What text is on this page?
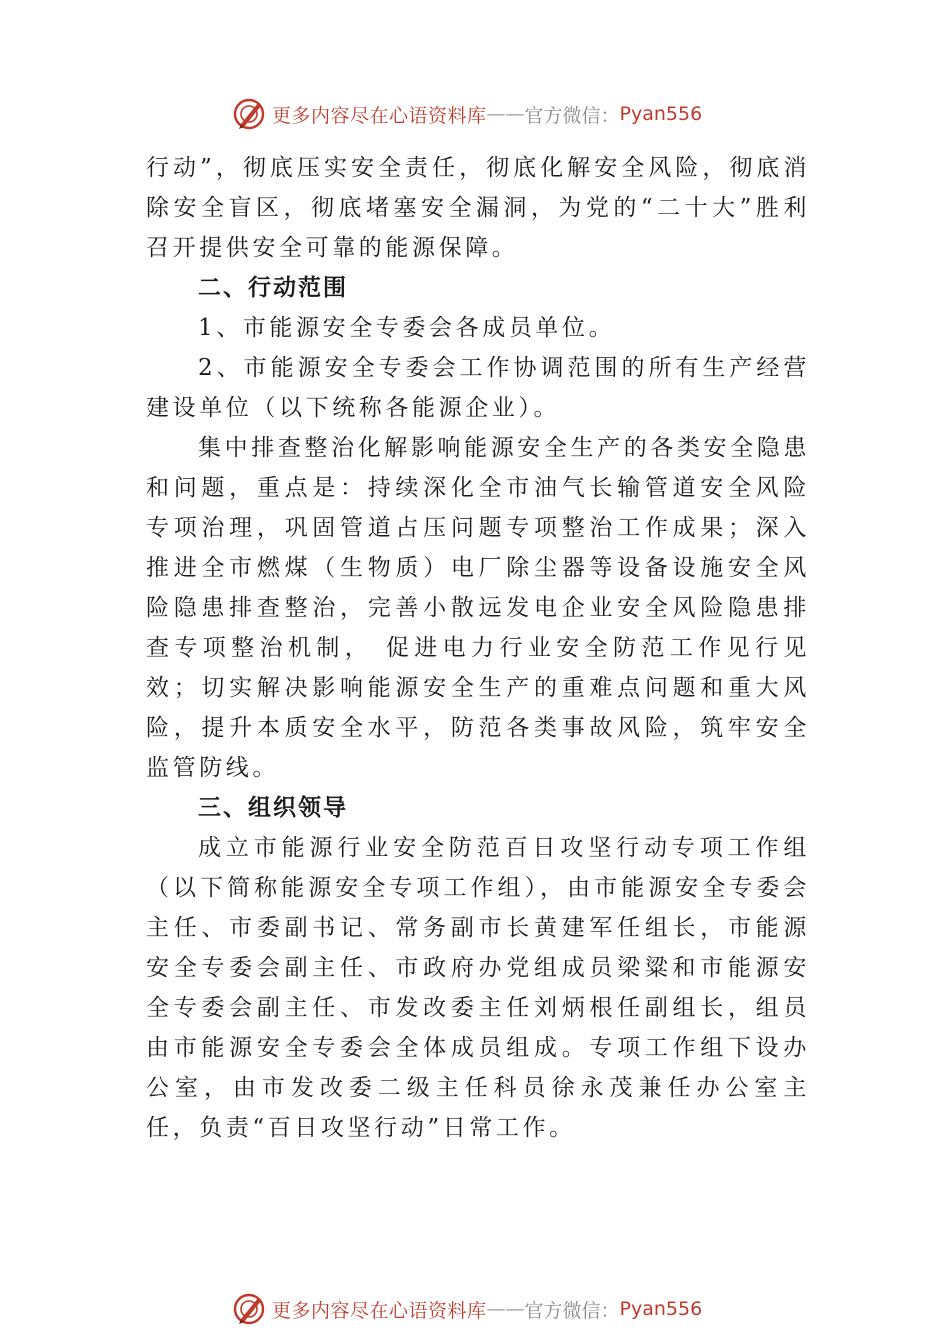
更多内容尽在心语资料库 —— 官方微信： Pyan556

行动”，彻底压实安全责任，彻底化解安全风险，彻底消除安全盲区，彻底堵塞安全漏洞，为党的“二十大”胜利召开提供安全可靠的能源保障。

二、行动范围

1、市能源安全专委会各成员单位。

2、市能源安全专委会工作协调范围的所有生产经营建设单位（以下统称各能源企业）。

集中排查整治化解影响能源安全生产的各类安全隐患和问题，重点是：持续深化全市油气长输管道安全风险专项治理，巩固管道占压问题专项整治工作成果；深入推进全市燃煤（生物质）电厂除尘器等设备设施安全风险隐患排查整治，完善小散远发电企业安全风险隐患排查专项整治机制， 促进电力行业安全防范工作见行见效；切实解决影响能源安全生产的重难点问题和重大风险，提升本质安全水平，防范各类事故风险，筑牢安全监管防线。

三、组织领导

成立市能源行业安全防范百日攻坚行动专项工作组（以下简称能源安全专项工作组），由市能源安全专委会主任、市委副书记、常务副市长黄建军任组长，市能源安全专委会副主任、市政府办党组成员梁粱和市能源安全专委会副主任、市发改委主任刘炳根任副组长，组员由市能源安全专委会全体成员组成。专项工作组下设办公室，由市发改委二级主任科员徐永茂兼任办公室主任，负责“百日攻坚行动”日常工作。

更多内容尽在心语资料库 —— 官方微信： Pyan556
